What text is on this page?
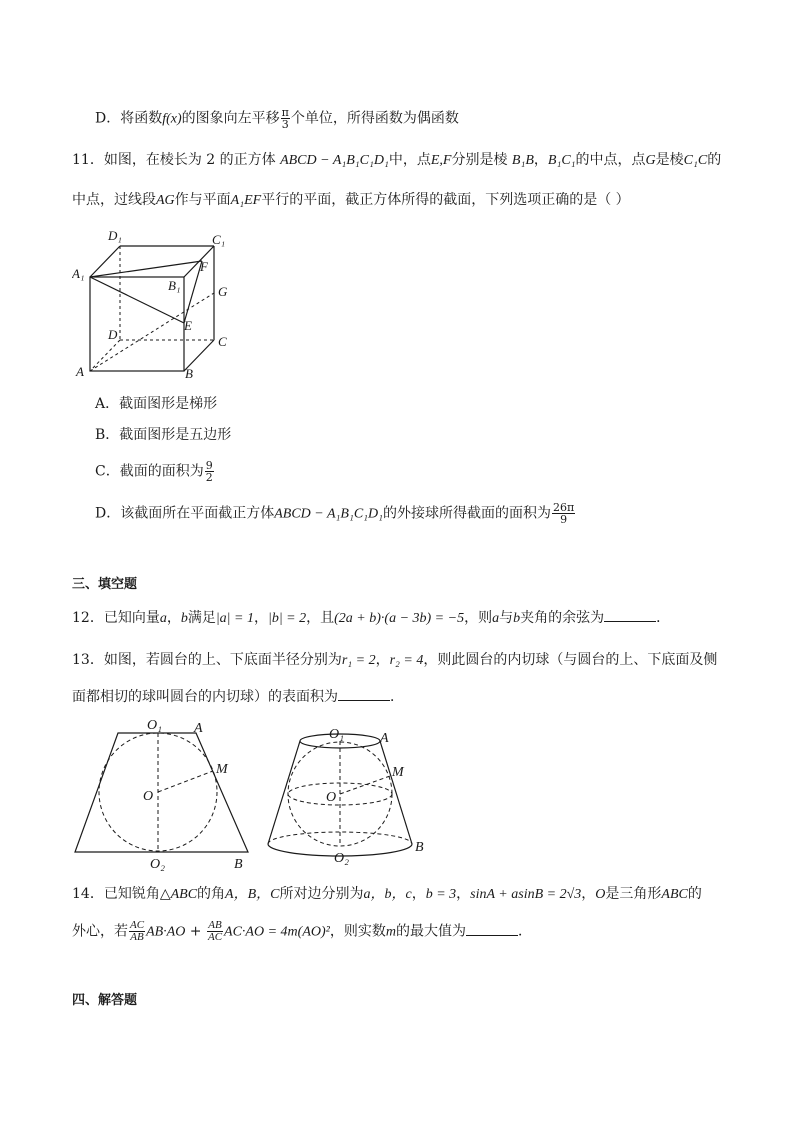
D．将函数f(x)的图象向左平移 $\frac{\pi}{3}$ 个单位，所得函数为偶函数
11．如图，在棱长为 2 的正方体 ABCD − A₁B₁C₁D₁中，点E,F分别是棱 B₁B，B₁C₁的中点，点G是棱C₁C的
中点，过线段AG作与平面A₁EF平行的平面，截正方体所得的截面，下列选项正确的是（ ）
D₁	C₁
A₁
B₁
F
G
D
E
C
A	B
A．截面图形是梯形
B．截面图形是五边形
C．截面的面积为 $\frac{9}{2}$
D．该截面所在平面截正方体ABCD − A₁B₁C₁D₁的外接球所得截面的面积为 $\frac{26\pi}{9}$
三、填空题
12．已知向量a，b满足|a| = 1，|b| = 2，且(2a + b)·(a − 3b) = −5，则a与b夹角的余弦为	．
13．如图，若圆台的上、下底面半径分别为r₁ = 2，r₂ = 4，则此圆台的内切球（与圆台的上、下底面及侧
面都相切的球叫圆台的内切球）的表面积为	．
O₁ A
M
O
O₂	B
O₁	A
M
O
O₂
B
14．已知锐角△ABC的角A，B，C所对边分别为a，b，c，b = 3，sinA + asinB = 2√3，O是三角形ABC的
外心，若 $\frac{AC}{AB} AB\cdot AO + \frac{AB}{AC} AC\cdot AO = 4m(AO)^2$，则实数m的最大值为	．
四、解答题
